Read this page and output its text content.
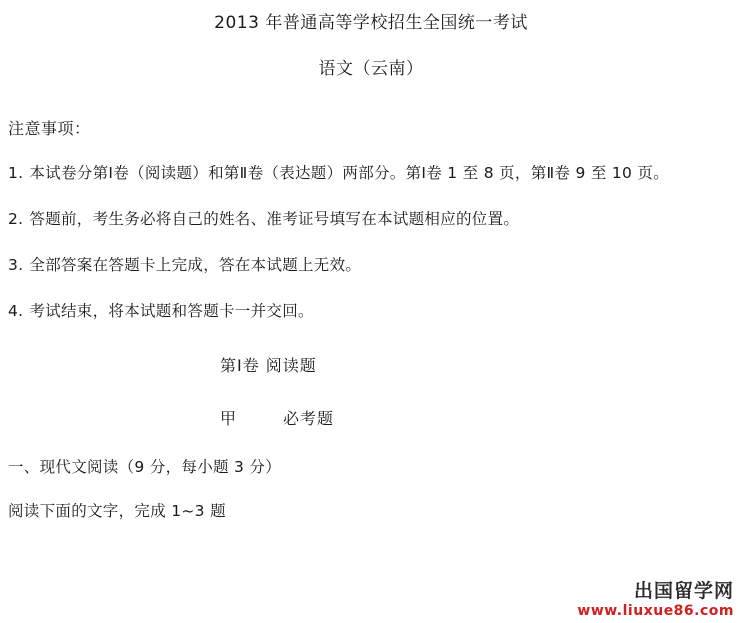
2013 年普通高等学校招生全国统一考试
语文（云南）
注意事项：
1. 本试卷分第Ⅰ卷（阅读题）和第Ⅱ卷（表达题）两部分。第Ⅰ卷 1 至 8 页，第Ⅱ卷 9 至 10 页。
2. 答题前，考生务必将自己的姓名、准考证号填写在本试题相应的位置。
3. 全部答案在答题卡上完成，答在本试题上无效。
4. 考试结束，将本试题和答题卡一并交回。
第Ⅰ卷 阅读题
甲	必考题
一、现代文阅读（9 分，每小题 3 分）
阅读下面的文字，完成 1~3 题
出国留学网
www.liuxue86.com
